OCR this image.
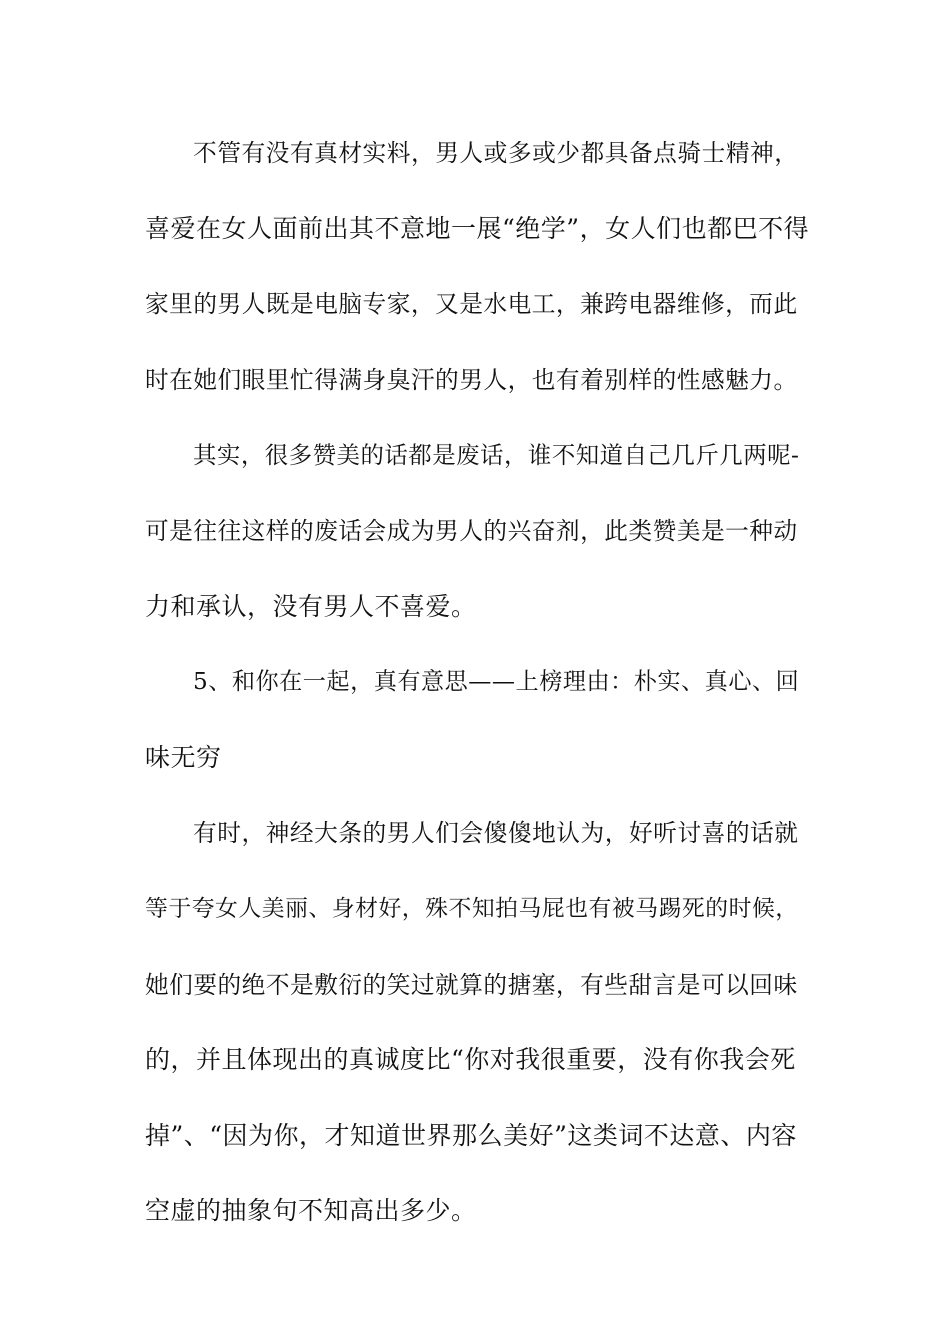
不管有没有真材实料，男人或多或少都具备点骑士精神，
喜爱在女人面前出其不意地一展“绝学”，女人们也都巴不得
家里的男人既是电脑专家，又是水电工，兼跨电器维修，而此
时在她们眼里忙得满身臭汗的男人，也有着别样的性感魅力。
其实，很多赞美的话都是废话，谁不知道自己几斤几两呢-
可是往往这样的废话会成为男人的兴奋剂，此类赞美是一种动
力和承认，没有男人不喜爱。
5、和你在一起，真有意思——上榜理由：朴实、真心、回
味无穷
有时，神经大条的男人们会傻傻地认为，好听讨喜的话就
等于夸女人美丽、身材好，殊不知拍马屁也有被马踢死的时候，
她们要的绝不是敷衍的笑过就算的搪塞，有些甜言是可以回味
的，并且体现出的真诚度比“你对我很重要，没有你我会死
掉”、“因为你，才知道世界那么美好”这类词不达意、内容
空虚的抽象句不知高出多少。
